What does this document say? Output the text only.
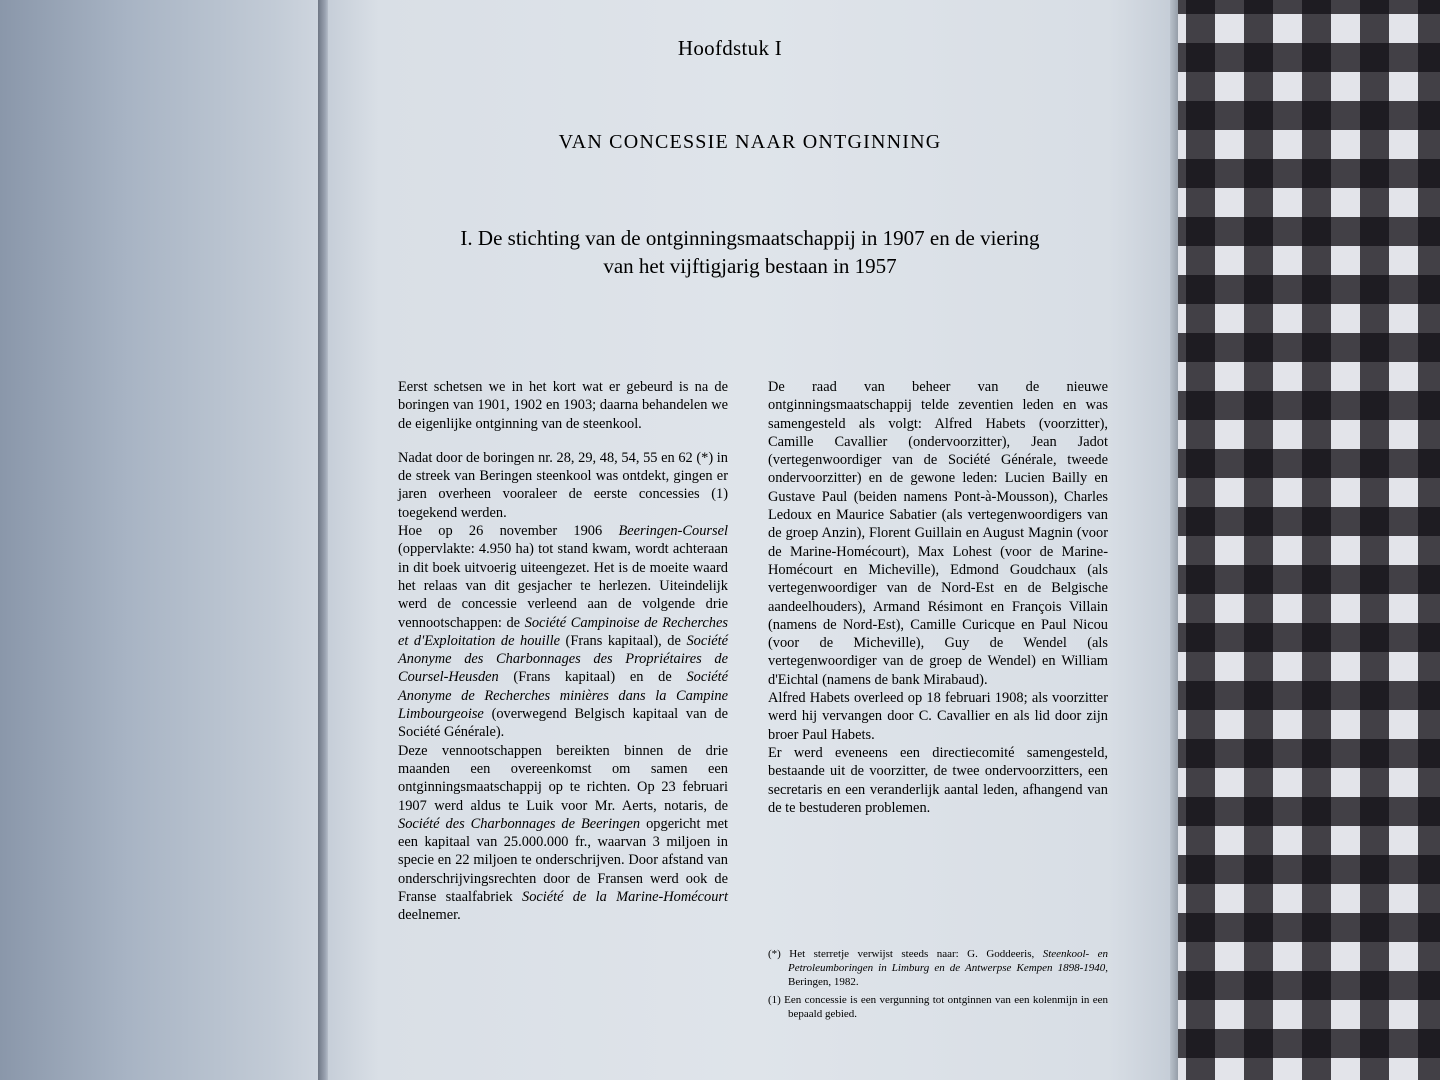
Hoofdstuk I
VAN CONCESSIE NAAR ONTGINNING
I. De stichting van de ontginningsmaatschappij in 1907 en de viering
van het vijftigjarig bestaan in 1957

Eerst schetsen we in het kort wat er gebeurd is na de boringen van 1901, 1902 en 1903; daarna behandelen we de eigenlijke ontginning van de steenkool.

Nadat door de boringen nr. 28, 29, 48, 54, 55 en 62 (*) in de streek van Beringen steenkool was ontdekt, gingen er jaren overheen vooraleer de eerste concessies (1) toegekend werden.

Hoe op 26 november 1906 Beeringen-Coursel (oppervlakte: 4.950 ha) tot stand kwam, wordt achteraan in dit boek uitvoerig uiteengezet. Het is de moeite waard het relaas van dit gesjacher te herlezen. Uiteindelijk werd de concessie verleend aan de volgende drie vennootschappen: de Société Campinoise de Recherches et d'Exploitation de houille (Frans kapitaal), de Société Anonyme des Charbonnages des Propriétaires de Coursel-Heusden (Frans kapitaal) en de Société Anonyme de Recherches minières dans la Campine Limbourgeoise (overwegend Belgisch kapitaal van de Société Générale).

Deze vennootschappen bereikten binnen de drie maanden een overeenkomst om samen een ontginningsmaatschappij op te richten. Op 23 februari 1907 werd aldus te Luik voor Mr. Aerts, notaris, de Société des Charbonnages de Beeringen opgericht met een kapitaal van 25.000.000 fr., waarvan 3 miljoen in specie en 22 miljoen te onderschrijven. Door afstand van onderschrijvingsrechten door de Fransen werd ook de Franse staalfabriek Société de la Marine-Homécourt deelnemer.

De raad van beheer van de nieuwe ontginningsmaatschappij telde zeventien leden en was samengesteld als volgt: Alfred Habets (voorzitter), Camille Cavallier (ondervoorzitter), Jean Jadot (vertegenwoordiger van de Société Générale, tweede ondervoorzitter) en de gewone leden: Lucien Bailly en Gustave Paul (beiden namens Pont-à-Mousson), Charles Ledoux en Maurice Sabatier (als vertegenwoordigers van de groep Anzin), Florent Guillain en August Magnin (voor de Marine-Homécourt), Max Lohest (voor de Marine-Homécourt en Micheville), Edmond Goudchaux (als vertegenwoordiger van de Nord-Est en de Belgische aandeelhouders), Armand Résimont en François Villain (namens de Nord-Est), Camille Curicque en Paul Nicou (voor de Micheville), Guy de Wendel (als vertegenwoordiger van de groep de Wendel) en William d'Eichtal (namens de bank Mirabaud).

Alfred Habets overleed op 18 februari 1908; als voorzitter werd hij vervangen door C. Cavallier en als lid door zijn broer Paul Habets.

Er werd eveneens een directiecomité samengesteld, bestaande uit de voorzitter, de twee ondervoorzitters, een secretaris en een veranderlijk aantal leden, afhangend van de te bestuderen problemen.

(*) Het sterretje verwijst steeds naar: G. Goddeeris, Steenkool- en Petroleumboringen in Limburg en de Antwerpse Kempen 1898-1940, Beringen, 1982.

(1) Een concessie is een vergunning tot ontginnen van een kolenmijn in een bepaald gebied.
